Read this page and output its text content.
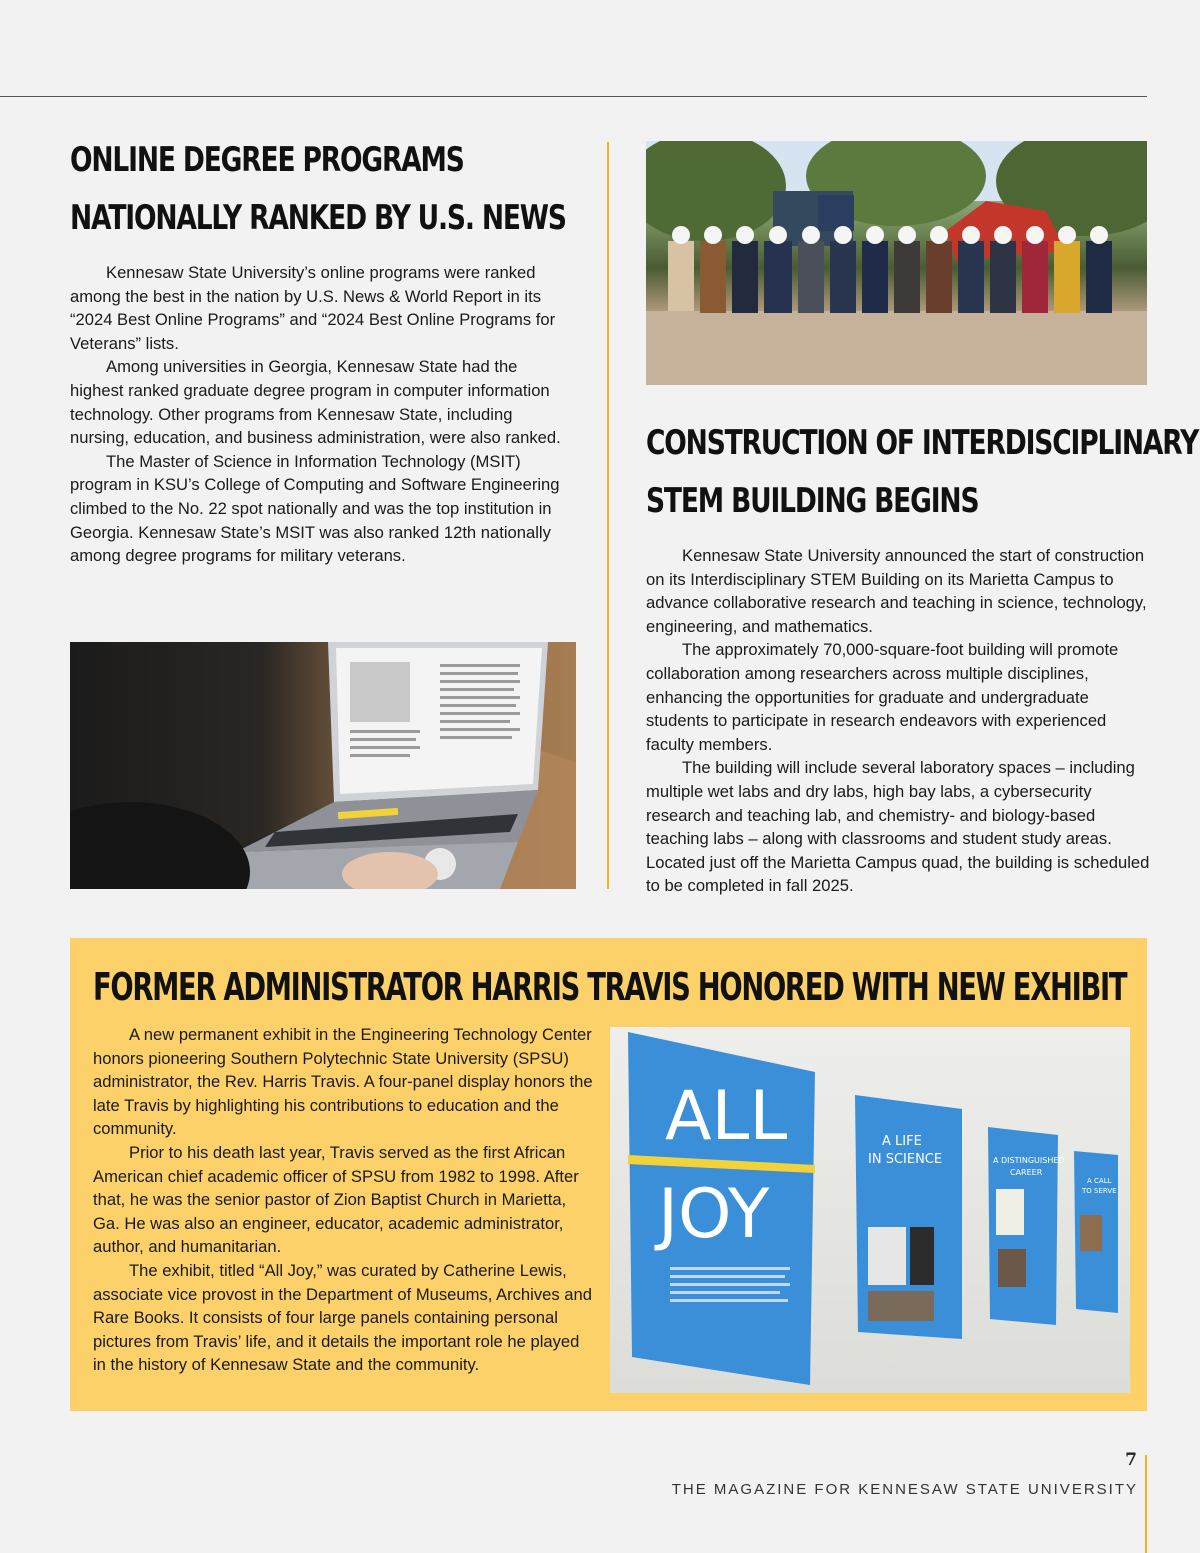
ONLINE DEGREE PROGRAMS
NATIONALLY RANKED BY U.S. NEWS

Kennesaw State University’s online programs were ranked among the best in the nation by U.S. News & World Report in its “2024 Best Online Programs” and “2024 Best Online Programs for Veterans” lists.

Among universities in Georgia, Kennesaw State had the highest ranked graduate degree program in computer information technology. Other programs from Kennesaw State, including nursing, education, and business administration, were also ranked.

The Master of Science in Information Technology (MSIT) program in KSU’s College of Computing and Software Engineering climbed to the No. 22 spot nationally and was the top institution in Georgia. Kennesaw State’s MSIT was also ranked 12th nationally among degree programs for military veterans.

CONSTRUCTION OF INTERDISCIPLINARY
STEM BUILDING BEGINS

Kennesaw State University announced the start of construction on its Interdisciplinary STEM Building on its Marietta Campus to advance collaborative research and teaching in science, technology, engineering, and mathematics.

The approximately 70,000-square-foot building will promote collaboration among researchers across multiple disciplines, enhancing the opportunities for graduate and undergraduate students to participate in research endeavors with experienced faculty members.

The building will include several laboratory spaces – including multiple wet labs and dry labs, high bay labs, a cybersecurity research and teaching lab, and chemistry- and biology-based teaching labs – along with classrooms and student study areas. Located just off the Marietta Campus quad, the building is scheduled to be completed in fall 2025.

FORMER ADMINISTRATOR HARRIS TRAVIS HONORED WITH NEW EXHIBIT

A new permanent exhibit in the Engineering Technology Center honors pioneering Southern Polytechnic State University (SPSU) administrator, the Rev. Harris Travis. A four-panel display honors the late Travis by highlighting his contributions to education and the community.

Prior to his death last year, Travis served as the first African American chief academic officer of SPSU from 1982 to 1998. After that, he was the senior pastor of Zion Baptist Church in Marietta, Ga. He was also an engineer, educator, academic administrator, author, and humanitarian.

The exhibit, titled “All Joy,” was curated by Catherine Lewis, associate vice provost in the Department of Museums, Archives and Rare Books. It consists of four large panels containing personal pictures from Travis’ life, and it details the important role he played in the history of Kennesaw State and the community.

ALL
JOY
A LIFE
IN SCIENCE	A DISTINGUISHED
CAREER
A CALL
TO SERVE
7
THE MAGAZINE FOR KENNESAW STATE UNIVERSITY
